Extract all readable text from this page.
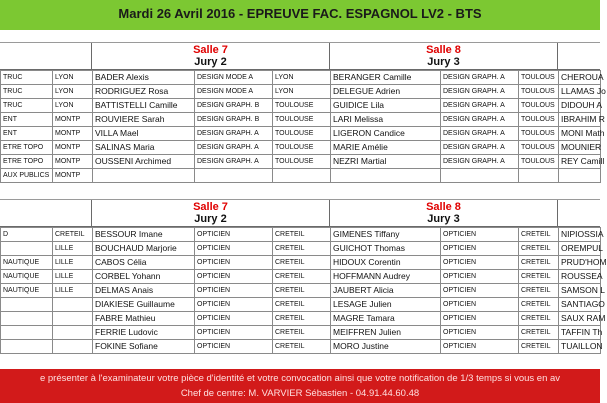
Mardi 26 Avril 2016 - EPREUVE FAC. ESPAGNOL LV2 - BTS
Salle 7
Jury 2
Salle 8
Jury 3
TRUC	LYON	BADER Alexis	DESIGN MODE A	LYON	BERANGER Camille	DESIGN GRAPH. A	TOULOUS	CHEROUA
TRUC	LYON	RODRIGUEZ Rosa	DESIGN MODE A	LYON	DELEGUE Adrien	DESIGN GRAPH. A	TOULOUS	LLAMAS Jo
TRUC	LYON	BATTISTELLI Camille	DESIGN GRAPH. B	TOULOUSE	GUIDICE Lila	DESIGN GRAPH. A	TOULOUS	DIDOUH A
ENT	MONTP	ROUVIERE Sarah	DESIGN GRAPH. B	TOULOUSE	LARI Melissa	DESIGN GRAPH. A	TOULOUS	IBRAHIM R
ENT	MONTP	VILLA Mael	DESIGN GRAPH. A	TOULOUSE	LIGERON Candice	DESIGN GRAPH. A	TOULOUS	MONI Math
ETRE TOPO	MONTP	SALINAS Maria	DESIGN GRAPH. A	TOULOUSE	MARIE Amélie	DESIGN GRAPH. A	TOULOUS	MOUNIER
ETRE TOPO	MONTP	OUSSENI Archimed	DESIGN GRAPH. A	TOULOUSE	NEZRI Martial	DESIGN GRAPH. A	TOULOUS	REY Camill
AUX PUBLICS	MONTP							
Salle 7
Jury 2
Salle 8
Jury 3
D	CRETEIL	BESSOUR Imane	OPTICIEN	CRETEIL	GIMENES Tiffany	OPTICIEN	CRETEIL	NIPIOSSIA
	LILLE	BOUCHAUD Marjorie	OPTICIEN	CRETEIL	GUICHOT Thomas	OPTICIEN	CRETEIL	OREMPUL
NAUTIQUE	LILLE	CABOS Célia	OPTICIEN	CRETEIL	HIDOUX Corentin	OPTICIEN	CRETEIL	PRUD'HOM
NAUTIQUE	LILLE	CORBEL Yohann	OPTICIEN	CRETEIL	HOFFMANN Audrey	OPTICIEN	CRETEIL	ROUSSEA
NAUTIQUE	LILLE	DELMAS Anais	OPTICIEN	CRETEIL	JAUBERT Alicia	OPTICIEN	CRETEIL	SAMSON L
		DIAKIESE Guillaume	OPTICIEN	CRETEIL	LESAGE Julien	OPTICIEN	CRETEIL	SANTIAGO
		FABRE Mathieu	OPTICIEN	CRETEIL	MAGRE Tamara	OPTICIEN	CRETEIL	SAUX RAM
		FERRIE Ludovic	OPTICIEN	CRETEIL	MEIFFREN Julien	OPTICIEN	CRETEIL	TAFFIN Th
		FOKINE Sofiane	OPTICIEN	CRETEIL	MORO Justine	OPTICIEN	CRETEIL	TUAILLON
e présenter à l'examinateur votre pièce d'identité et votre convocation ainsi que votre notification de 1/3 temps si vous en av
Chef de centre: M. VARVIER Sébastien - 04.91.44.60.48
